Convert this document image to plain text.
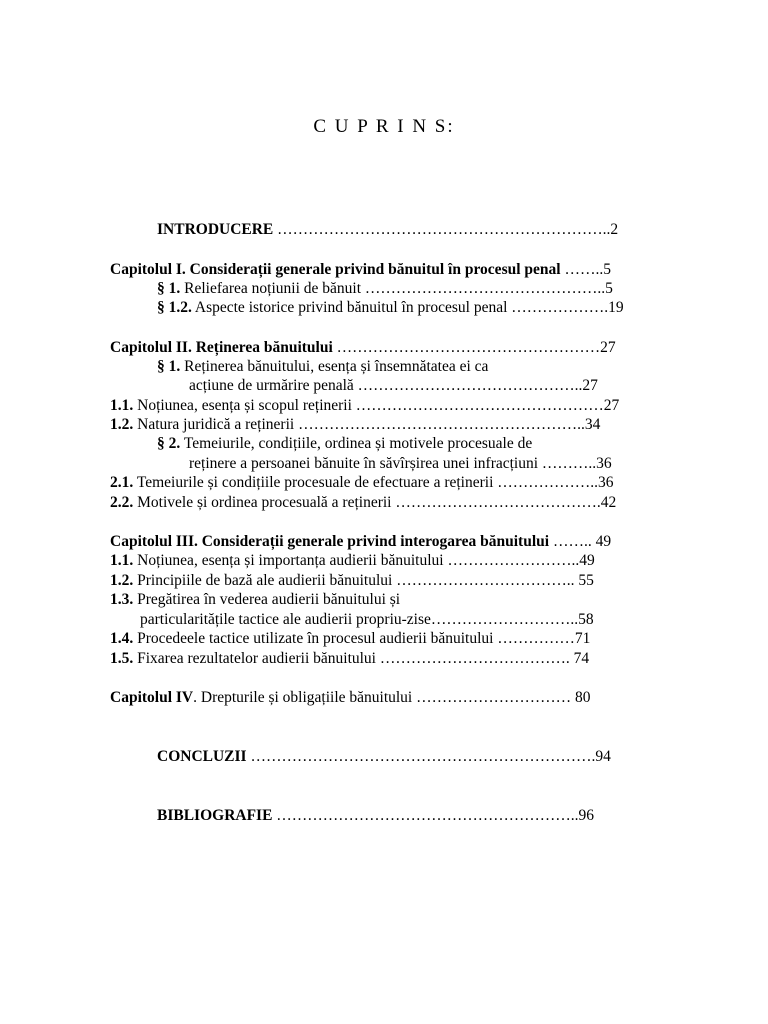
C U P R I N S:
INTRODUCERE ………………………………………………………..2
Capitolul I. Considerații generale privind bănuitul în procesul penal ……..5
§ 1. Reliefarea noțiunii de bănuit ………………………………………..5
§ 1.2. Aspecte istorice privind bănuitul în procesul penal ……………….19
Capitolul II. Reținerea bănuitului ……………………………………………27
§ 1. Reținerea bănuitului, esența și însemnătatea ei ca
acțiune de urmărire penală ……………………………………..27
1.1. Noțiunea, esența și scopul reținerii …………………………………………27
1.2. Natura juridică a reținerii ………………………………………………..34
§ 2. Temeiurile, condițiile, ordinea și motivele procesuale de
reținere a persoanei bănuite în săvîrșirea unei infracțiuni ………..36
2.1. Temeiurile și condițiile procesuale de efectuare a reținerii ………………..36
2.2. Motivele și ordinea procesuală a reținerii ………………………………….42
Capitolul III. Considerații generale privind interogarea bănuitului …….. 49
1.1. Noțiunea, esența și importanța audierii bănuitului ……………………..49
1.2. Principiile de bază ale audierii bănuitului …………………………….. 55
1.3. Pregătirea în vederea audierii bănuitului și
particularitățile tactice ale audierii propriu-zise………………………..58
1.4. Procedeele tactice utilizate în procesul audierii bănuitului ……………71
1.5. Fixarea rezultatelor audierii bănuitului ………………………………. 74
Capitolul IV. Drepturile și obligațiile bănuitului ………………………… 80
CONCLUZII ………………………………………………………….94
BIBLIOGRAFIE …………………………………………………..96
